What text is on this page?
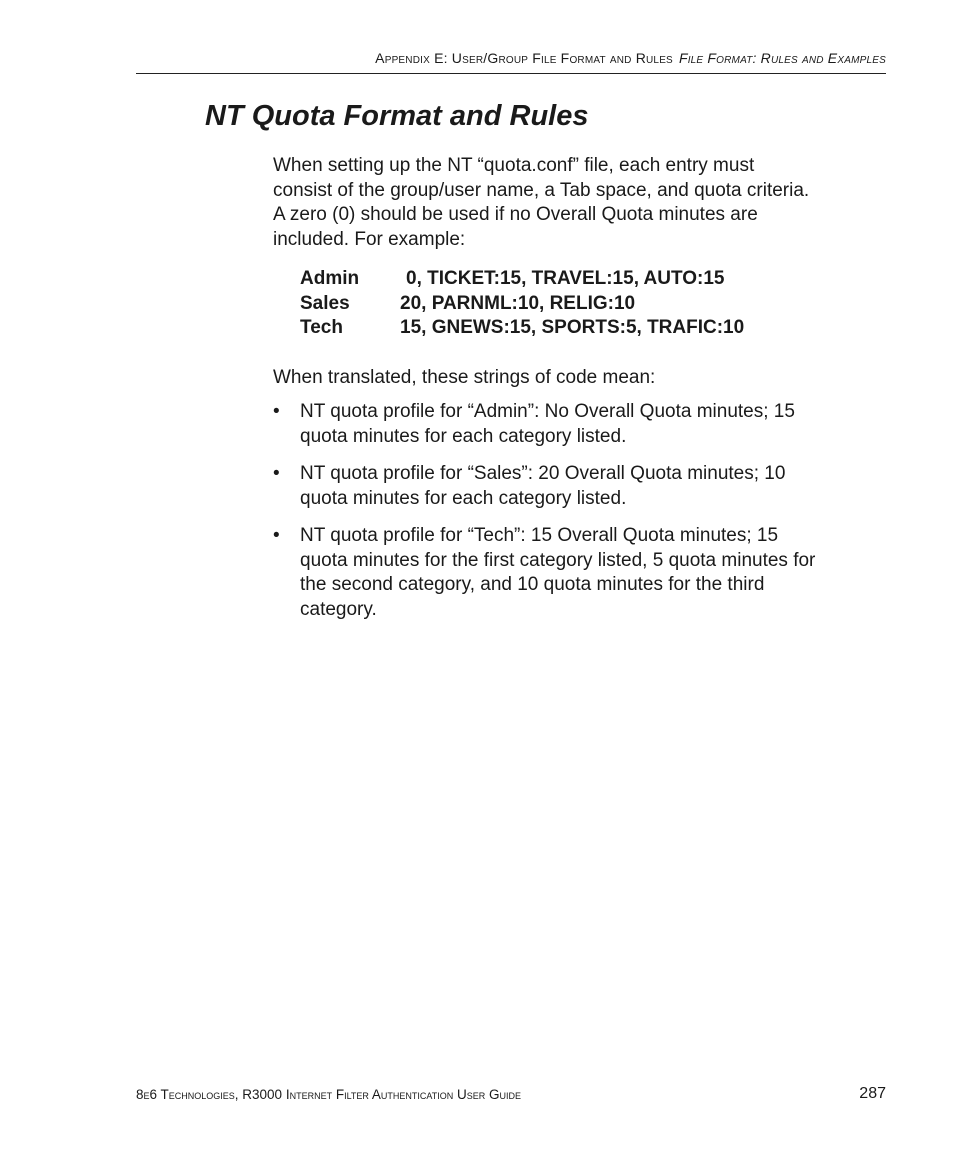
Appendix E: User/Group File Format and Rules File Format: Rules and Examples
NT Quota Format and Rules

When setting up the NT “quota.conf” file, each entry must consist of the group/user name, a Tab space, and quota criteria. A zero (0) should be used if no Overall Quota minutes are included. For example:

Admin	0, TICKET:15, TRAVEL:15, AUTO:15
Sales	20, PARNML:10, RELIG:10
Tech	15, GNEWS:15, SPORTS:5, TRAFIC:10

When translated, these strings of code mean:

• NT quota profile for “Admin”: No Overall Quota minutes; 15 quota minutes for each category listed.
• NT quota profile for “Sales”: 20 Overall Quota minutes; 10 quota minutes for each category listed.
• NT quota profile for “Tech”: 15 Overall Quota minutes; 15 quota minutes for the first category listed, 5 quota minutes for the second category, and 10 quota minutes for the third category.
8e6 Technologies, R3000 Internet Filter Authentication User Guide	287
